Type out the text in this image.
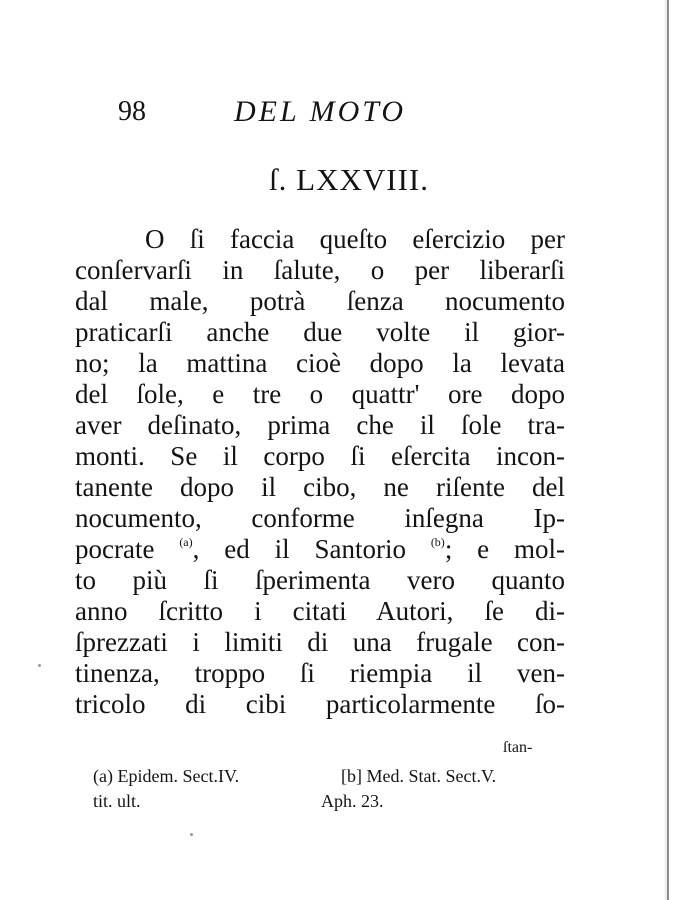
98	DEL MOTO
ſ. LXXVIII.
O ſi faccia queſto eſercizio per
conſervarſi in ſalute, o per liberarſi
dal male, potrà ſenza nocumento
praticarſi anche due volte il gior-
no; la mattina cioè dopo la levata
del ſole, e tre o quattr' ore dopo
aver deſinato, prima che il ſole tra-
monti. Se il corpo ſi eſercita incon-
tanente dopo il cibo, ne riſente del
nocumento, conforme inſegna Ip-
pocrate $^{(a)}$, ed il Santorio $^{(b)}$; e mol-
to più ſi ſperimenta vero quanto
anno ſcritto i citati Autori, ſe di-
ſprezzati i limiti di una frugale con-
tinenza, troppo ſi riempia il ven-
tricolo di cibi particolarmente ſo-
ſtan-
(a) Epidem. Sect.IV.
tit. ult.
[b] Med. Stat. Sect.V.
Aph. 23.
